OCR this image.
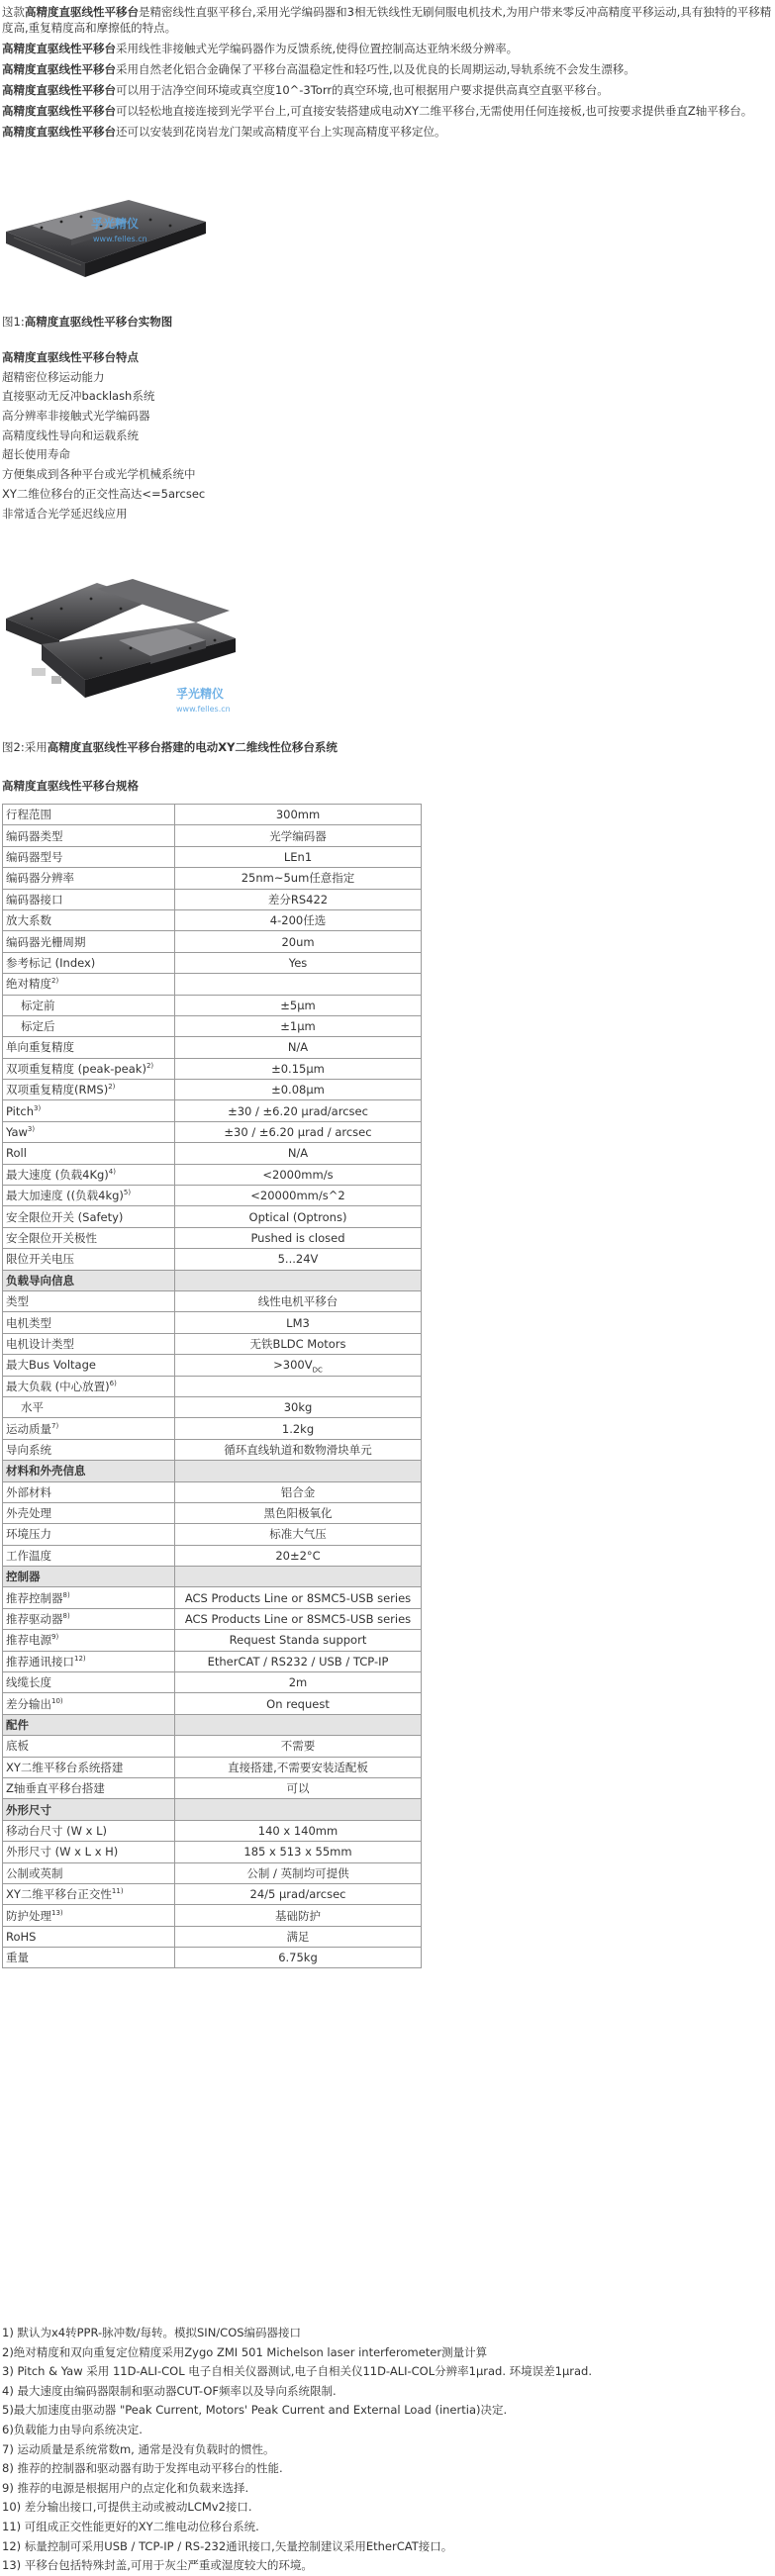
这款高精度直驱线性平移台是精密线性直驱平移台,采用光学编码器和3相无铁线性无刷伺服电机技术,为用户带来零反冲高精度平移运动,具有独特的平移精度高,重复精度高和摩擦低的特点。

高精度直驱线性平移台采用线性非接触式光学编码器作为反馈系统,使得位置控制高达亚纳米级分辨率。

高精度直驱线性平移台采用自然老化铝合金确保了平移台高温稳定性和轻巧性,以及优良的长周期运动,导轨系统不会发生漂移。

高精度直驱线性平移台可以用于洁净空间环境或真空度10^-3Torr的真空环境,也可根据用户要求提供高真空直驱平移台。

高精度直驱线性平移台可以轻松地直接连接到光学平台上,可直接安装搭建成电动XY二维平移台,无需使用任何连接板,也可按要求提供垂直Z轴平移台。

高精度直驱线性平移台还可以安装到花岗岩龙门架或高精度平台上实现高精度平移定位。

孚光精仪
www.felles.cn
图1:高精度直驱线性平移台实物图
高精度直驱线性平移台特点
超精密位移运动能力
直接驱动无反冲backlash系统
高分辨率非接触式光学编码器
高精度线性导向和运载系统
超长使用寿命
方便集成到各种平台或光学机械系统中
XY二维位移台的正交性高达<=5arcsec
非常适合光学延迟线应用
孚光精仪
www.felles.cn
图2:采用高精度直驱线性平移台搭建的电动XY二维线性位移台系统
高精度直驱线性平移台规格
行程范围	300mm
编码器类型	光学编码器
编码器型号	LEn1
编码器分辨率	25nm~5um任意指定
编码器接口	差分RS422
放大系数	4-200任选
编码器光栅周期	20um
参考标记 (Index)	Yes
绝对精度$^{2)}$	
标定前	±5μm
标定后	±1μm
单向重复精度	N/A
双项重复精度 (peak-peak)$^{2)}$	±0.15μm
双项重复精度(RMS)$^{2)}$	±0.08μm
Pitch$^{3)}$	±30 / ±6.20 μrad/arcsec
Yaw$^{3)}$	±30 / ±6.20 μrad / arcsec
Roll	N/A
最大速度 (负载4Kg)$^{4)}$	<2000mm/s
最大加速度 ((负载4kg)$^{5)}$	<20000mm/s^2
安全限位开关 (Safety)	Optical (Optrons)
安全限位开关极性	Pushed is closed
限位开关电压	5...24V
负载导向信息	
类型	线性电机平移台
电机类型	LM3
电机设计类型	无铁BLDC Motors
最大Bus Voltage	$>300V_{DC}$
最大负载 (中心放置)$^{6)}$	
水平	30kg
运动质量$^{7)}$	1.2kg
导向系统	循环直线轨道和数物滑块单元
材料和外壳信息	
外部材料	铝合金
外壳处理	黑色阳极氧化
环境压力	标准大气压
工作温度	20±2°C
控制器	
推荐控制器$^{8)}$	ACS Products Line or 8SMC5-USB series
推荐驱动器$^{8)}$	ACS Products Line or 8SMC5-USB series
推荐电源$^{9)}$	Request Standa support
推荐通讯接口$^{12)}$	EtherCAT / RS232 / USB / TCP-IP
线缆长度	2m
差分输出$^{10)}$	On request
配件	
底板	不需要
XY二维平移台系统搭建	直接搭建,不需要安装适配板
Z轴垂直平移台搭建	可以
外形尺寸	
移动台尺寸 (W x L)	140 x 140mm
外形尺寸 (W x L x H)	185 x 513 x 55mm
公制或英制	公制 / 英制均可提供
XY二维平移台正交性$^{11)}$	24/5 μrad/arcsec
防护处理$^{13)}$	基础防护
RoHS	满足
重量	6.75kg
1) 默认为x4转PPR-脉冲数/每转。模拟SIN/COS编码器接口
2)绝对精度和双向重复定位精度采用Zygo ZMI 501 Michelson laser interferometer测量计算
3) Pitch & Yaw 采用 11D-ALI-COL 电子自相关仪器测试,电子自相关仪11D-ALI-COL分辨率1μrad. 环境误差1μrad.
4) 最大速度由编码器限制和驱动器CUT-OF频率以及导向系统限制.
5)最大加速度由驱动器 "Peak Current, Motors' Peak Current and External Load (inertia)决定.
6)负载能力由导向系统决定.
7) 运动质量是系统常数m, 通常是没有负载时的惯性。
8) 推荐的控制器和驱动器有助于发挥电动平移台的性能.
9) 推荐的电源是根据用户的点定化和负载来选择.
10) 差分输出接口,可提供主动或被动LCMv2接口.
11) 可组成正交性能更好的XY二维电动位移台系统.
12) 标量控制可采用USB / TCP-IP / RS-232通讯接口,矢量控制建议采用EtherCAT接口。
13) 平移台包括特殊封盖,可用于灰尘严重或湿度较大的环境。
